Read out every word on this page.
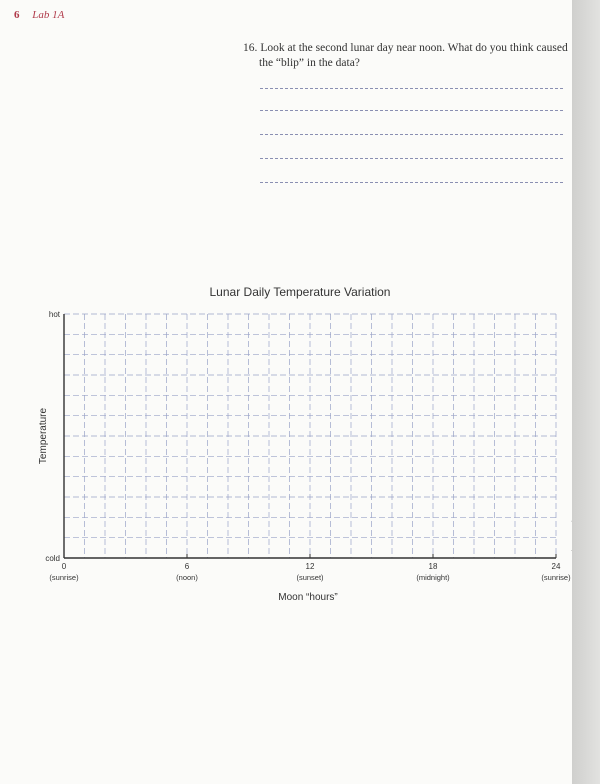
6 Lab 1A
16. Look at the second lunar day near noon. What do you think caused
the “blip” in the data?
Lunar Daily Temperature Variation
0
(sunrise)
6
(noon)
12
(sunset)
18
(midnight)
24
(sunrise)
hot
cold
Temperature
Moon “hours”
